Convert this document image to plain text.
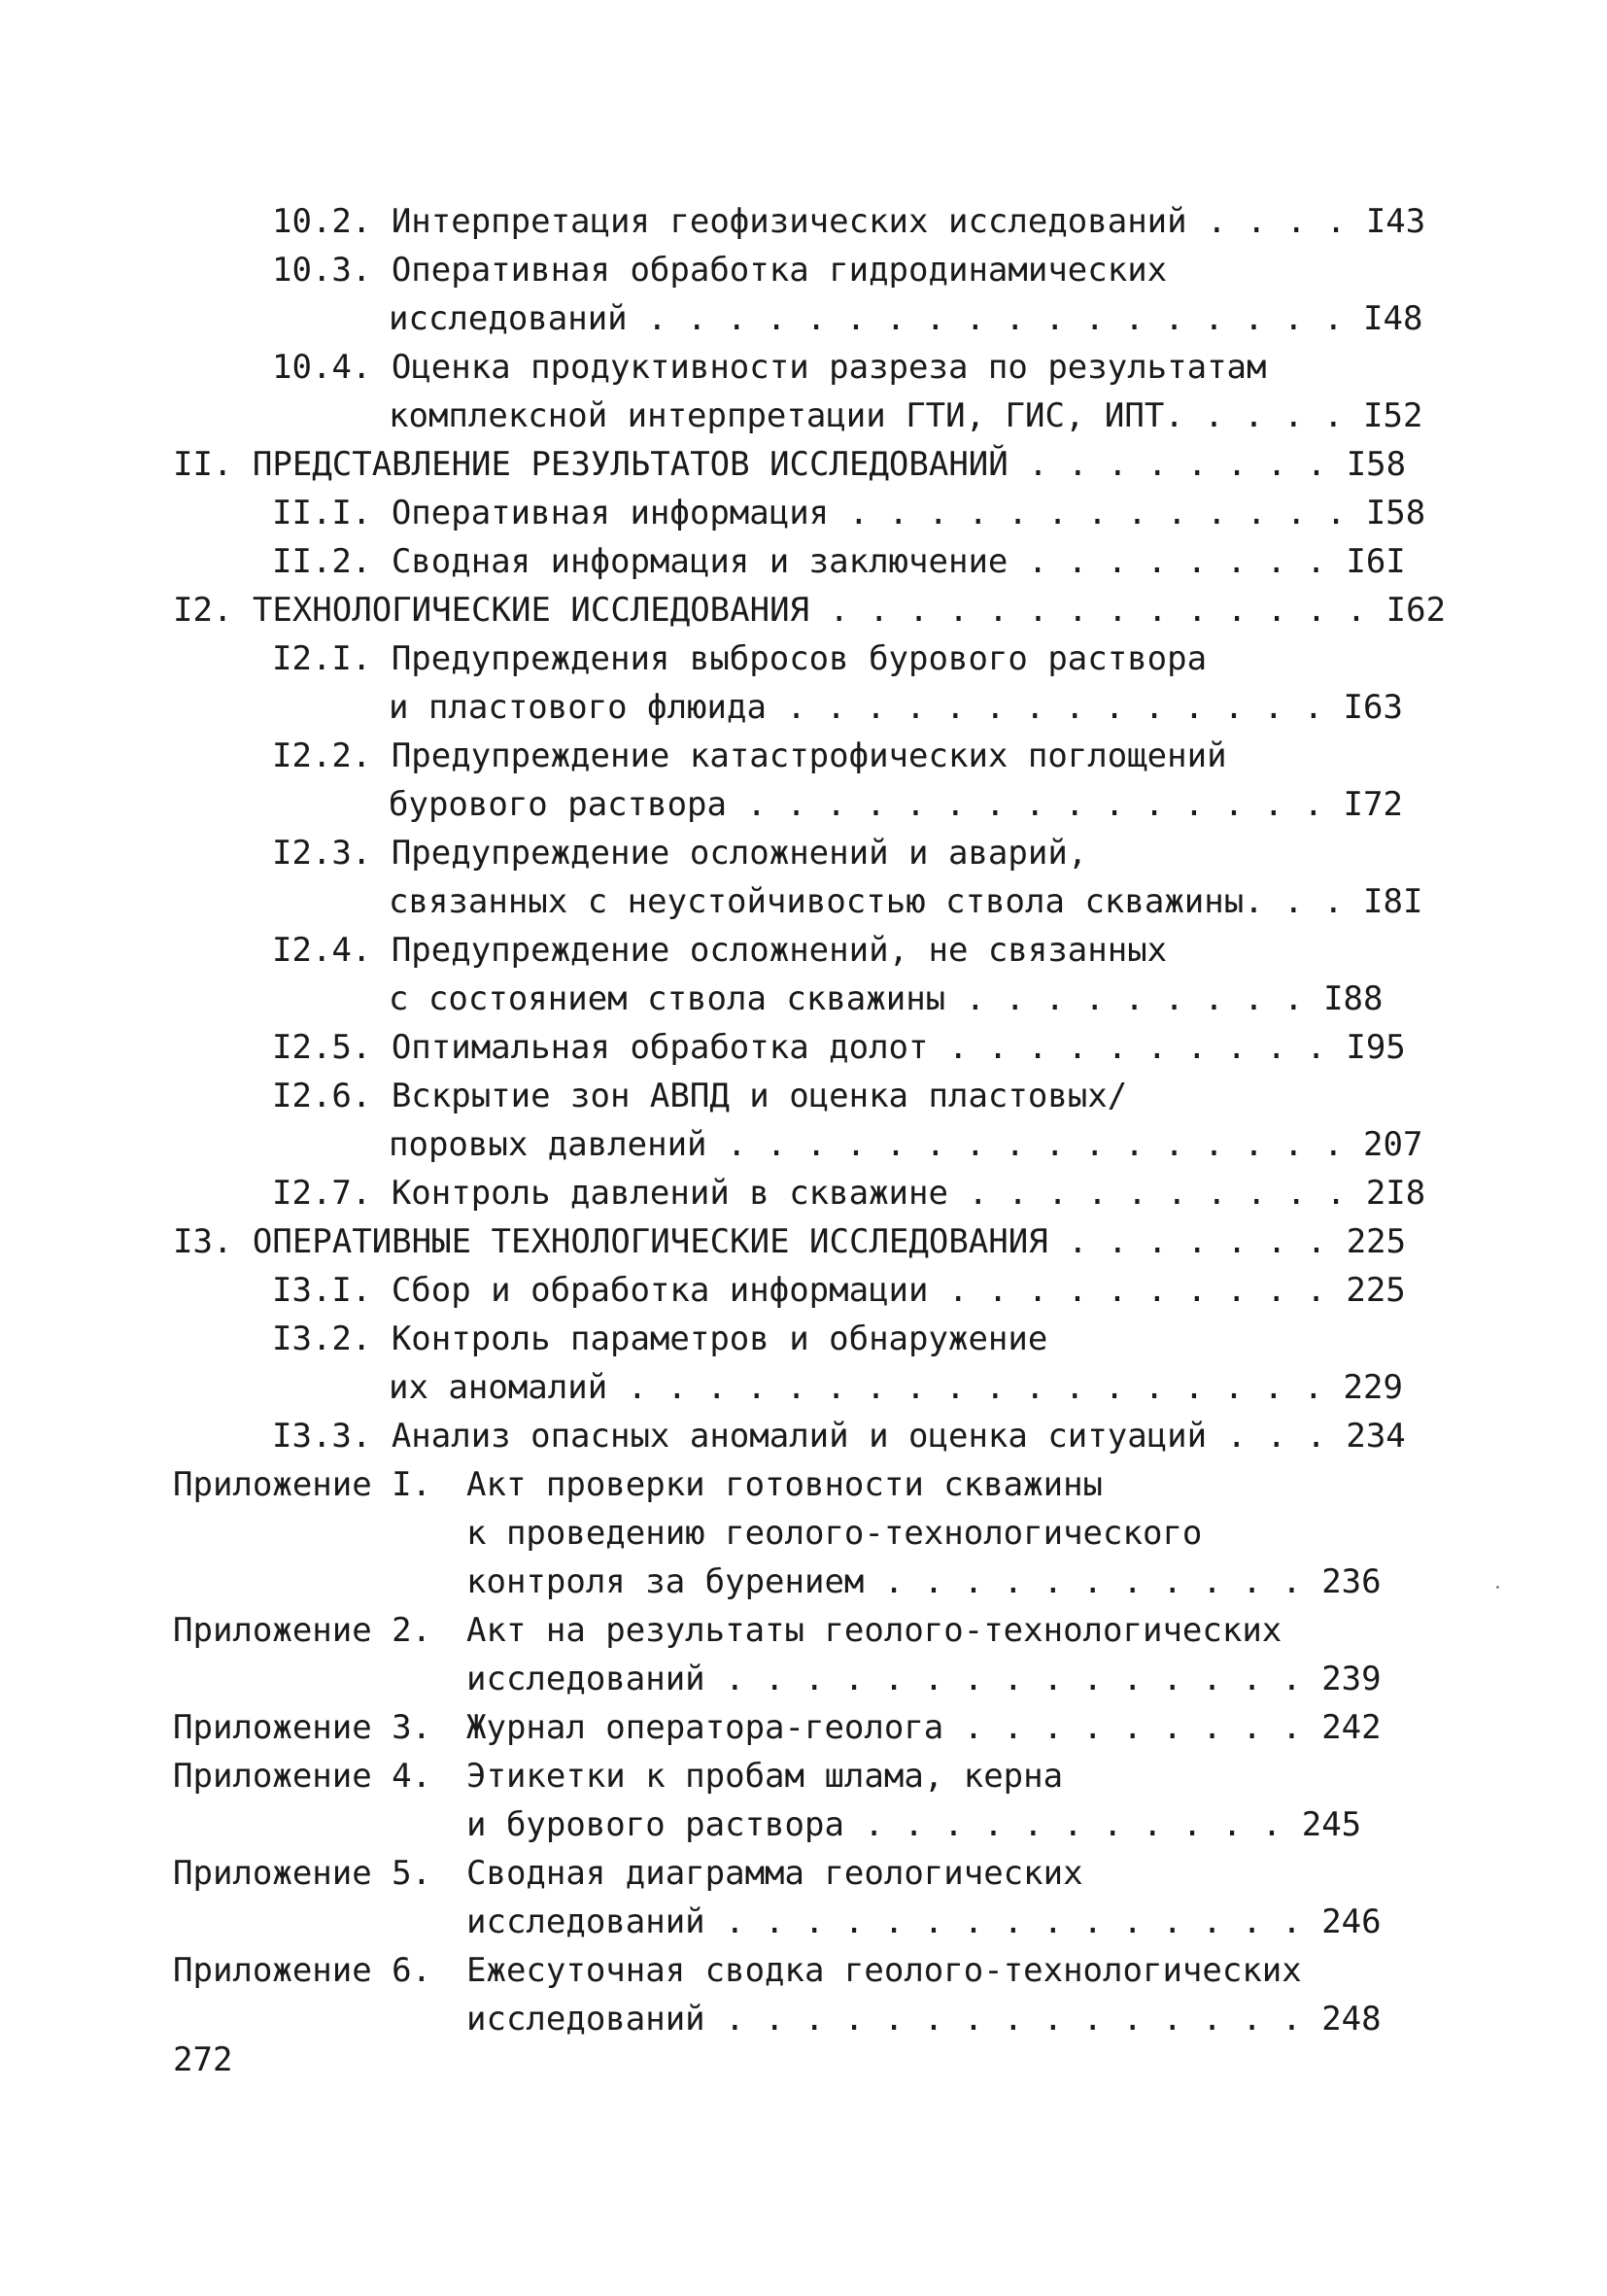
10.2. Интерпретация геофизических исследований . . . . I43
10.3. Оперативная обработка гидродинамических
исследований . . . . . . . . . . . . . . . . . . I48
10.4. Оценка продуктивности разреза по результатам
комплексной интерпретации ГТИ, ГИС, ИПТ. . . . . I52
II. ПРЕДСТАВЛЕНИЕ РЕЗУЛЬТАТОВ ИССЛЕДОВАНИЙ . . . . . . . . I58
II.I. Оперативная информация . . . . . . . . . . . . . I58
II.2. Сводная информация и заключение . . . . . . . . I6I
I2. ТЕХНОЛОГИЧЕСКИЕ ИССЛЕДОВАНИЯ . . . . . . . . . . . . . . I62
I2.I. Предупреждения выбросов бурового раствора
и пластового флюида . . . . . . . . . . . . . . I63
I2.2. Предупреждение катастрофических поглощений
бурового раствора . . . . . . . . . . . . . . . I72
I2.3. Предупреждение осложнений и аварий,
связанных с неустойчивостью ствола скважины. . . I8I
I2.4. Предупреждение осложнений, не связанных
с состоянием ствола скважины . . . . . . . . . I88
I2.5. Оптимальная обработка долот . . . . . . . . . . I95
I2.6. Вскрытие зон АВПД и оценка пластовых/
поровых давлений . . . . . . . . . . . . . . . . 207
I2.7. Контроль давлений в скважине . . . . . . . . . . 2I8
I3. ОПЕРАТИВНЫЕ ТЕХНОЛОГИЧЕСКИЕ ИССЛЕДОВАНИЯ . . . . . . . 225
I3.I. Сбор и обработка информации . . . . . . . . . . 225
I3.2. Контроль параметров и обнаружение
их аномалий . . . . . . . . . . . . . . . . . . 229
I3.3. Анализ опасных аномалий и оценка ситуаций . . . 234
Приложение I. Акт проверки готовности скважины
к проведению геолого-технологического
контроля за бурением . . . . . . . . . . . 236
Приложение 2. Акт на результаты геолого-технологических
исследований . . . . . . . . . . . . . . . 239
Приложение 3. Журнал оператора-геолога . . . . . . . . . 242
Приложение 4. Этикетки к пробам шлама, керна
и бурового раствора . . . . . . . . . . . 245
Приложение 5. Сводная диаграмма геологических
исследований . . . . . . . . . . . . . . . 246
Приложение 6. Ежесуточная сводка геолого-технологических
исследований . . . . . . . . . . . . . . . 248
272
